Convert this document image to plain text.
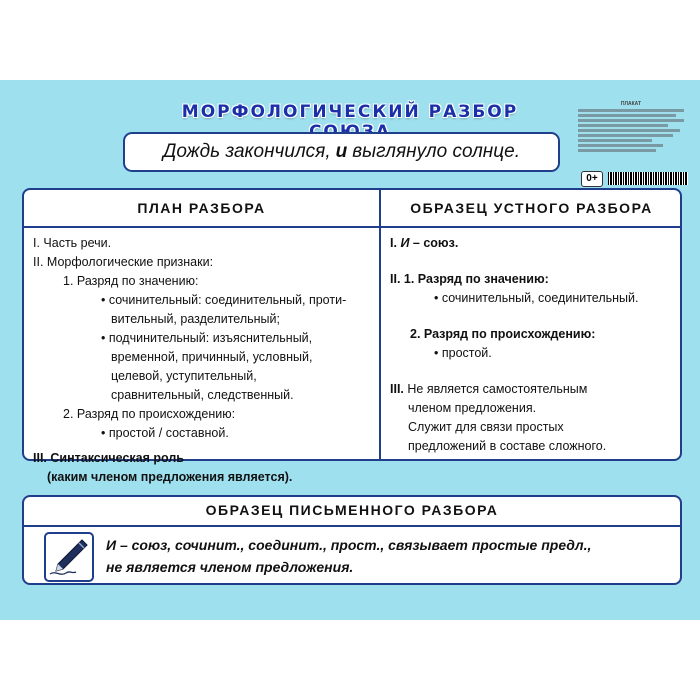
МОРФОЛОГИЧЕСКИЙ РАЗБОР
Дождь закончился, и выглянуло солнце.
ПЛАКАТ
0+
ПЛАН РАЗБОРА	ОБРАЗЕЦ УСТНОГО РАЗБОРА
I. Часть речи.
II. Морфологические признаки:
1. Разряд по значению:
• сочинительный: соединительный, проти-
вительный, разделительный;
• подчинительный: изъяснительный,
временной, причинный, условный,
целевой, уступительный,
сравнительный, следственный.
2. Разряд по происхождению:
• простой / составной.
III. Синтаксическая роль
(каким членом предложения является).
I. И – союз.
II. 1. Разряд по значению:
• сочинительный, соединительный.
2. Разряд по происхождению:
• простой.
III. Не является самостоятельным
членом предложения.
Служит для связи простых
предложений в составе сложного.
ОБРАЗЕЦ ПИСЬМЕННОГО РАЗБОРА
И – союз, сочинит., соединит., прост., связывает простые предл.,
не является членом предложения.
